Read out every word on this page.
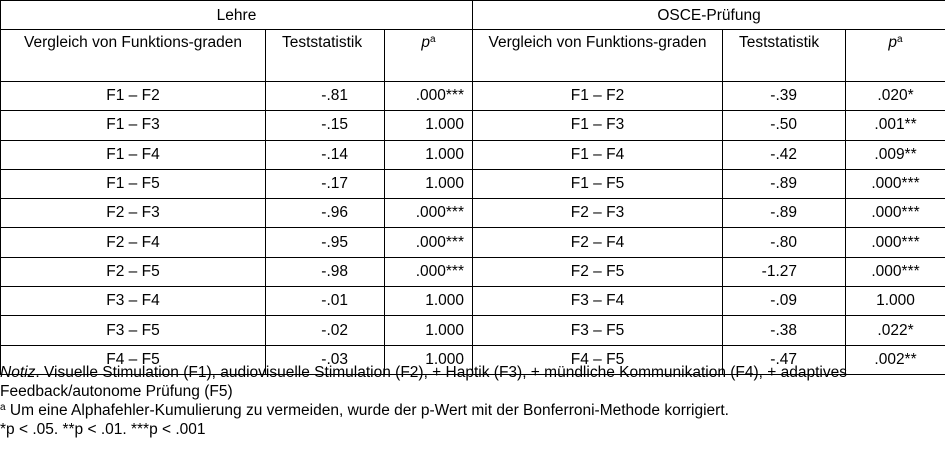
Lehre			OSCE-Prüfung		
Vergleich von Funktions-graden	Teststatistik	$p^a$	Vergleich von Funktions-graden	Teststatistik	$p^a$
F1 – F2	-.81	.000***	F1 – F2	-.39	.020*
F1 – F3	-.15	1.000	F1 – F3	-.50	.001**
F1 – F4	-.14	1.000	F1 – F4	-.42	.009**
F1 – F5	-.17	1.000	F1 – F5	-.89	.000***
F2 – F3	-.96	.000***	F2 – F3	-.89	.000***
F2 – F4	-.95	.000***	F2 – F4	-.80	.000***
F2 – F5	-.98	.000***	F2 – F5	-1.27	.000***
F3 – F4	-.01	1.000	F3 – F4	-.09	1.000
F3 – F5	-.02	1.000	F3 – F5	-.38	.022*
F4 – F5	-.03	1.000	F4 – F5	-.47	.002**
Notiz. Visuelle Stimulation (F1), audiovisuelle Stimulation (F2), + Haptik (F3), + mündliche Kommunikation (F4), + adaptives Feedback/autonome Prüfung (F5)
$^a$ Um eine Alphafehler-Kumulierung zu vermeiden, wurde der p-Wert mit der Bonferroni-Methode korrigiert.
*p < .05. **p < .01. ***p < .001
